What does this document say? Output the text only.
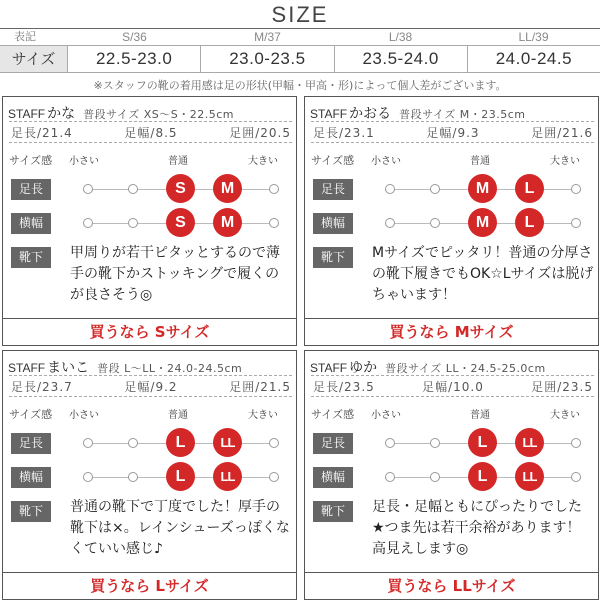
SIZE
表記	S/36	M/37	L/38	LL/39
サイズ	22.5-23.0	23.0-23.5	23.5-24.0	24.0-24.5
※スタッフの靴の着用感は足の形状(甲幅・甲高・形)によって個人差がございます。
STAFF かな 普段サイズ XS〜S・22.5cm
足長/21.4	足幅/8.5	足囲/20.5
サイズ感 小さい	普通	大きい
足長	S	M
横幅	S	M
靴下	甲周りが若干ピタッとするので薄手の靴下かストッキングで履くのが良さそう◎
買うなら Sサイズ
STAFF かおる 普段サイズ M・23.5cm
足長/23.1	足幅/9.3	足囲/21.6
サイズ感 小さい	普通	大きい
足長	M	L
横幅	M	L
靴下	Mサイズでピッタリ！普通の分厚さの靴下履きでもOK☆Lサイズは脱げちゃいます！
買うなら Mサイズ
STAFF まいこ 普段 L〜LL・24.0-24.5cm
足長/23.7	足幅/9.2	足囲/21.5
サイズ感 小さい	普通	大きい
足長	L	LL
横幅	L	LL
靴下	普通の靴下で丁度でした！厚手の靴下は×。レインシューズっぽくなくていい感じ♪
買うなら Lサイズ
STAFF ゆか 普段サイズ LL・24.5-25.0cm
足長/23.5	足幅/10.0	足囲/23.5
サイズ感 小さい	普通	大きい
足長	L	LL
横幅	L	LL
靴下	足長・足幅ともにぴったりでした★つま先は若干余裕があります！高見えします◎
買うなら LLサイズ
